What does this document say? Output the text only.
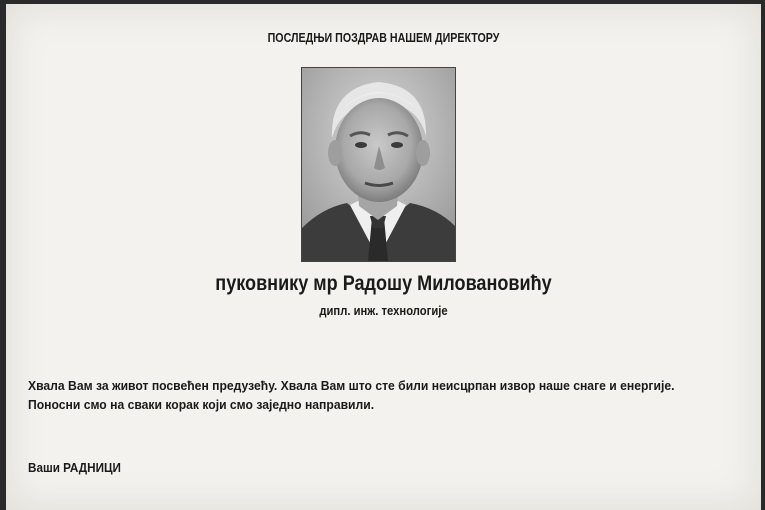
ПОСЛЕДЊИ ПОЗДРАВ НАШЕМ ДИРЕКТОРУ
пуковнику мр Радошу Миловановићу
дипл. инж. технологије

Хвала Вам за живот посвећен предузећу. Хвала Вам што сте били неисцрпан извор наше снаге и енергије.

Поносни смо на сваки корак који смо заједно направили.

Ваши РАДНИЦИ
